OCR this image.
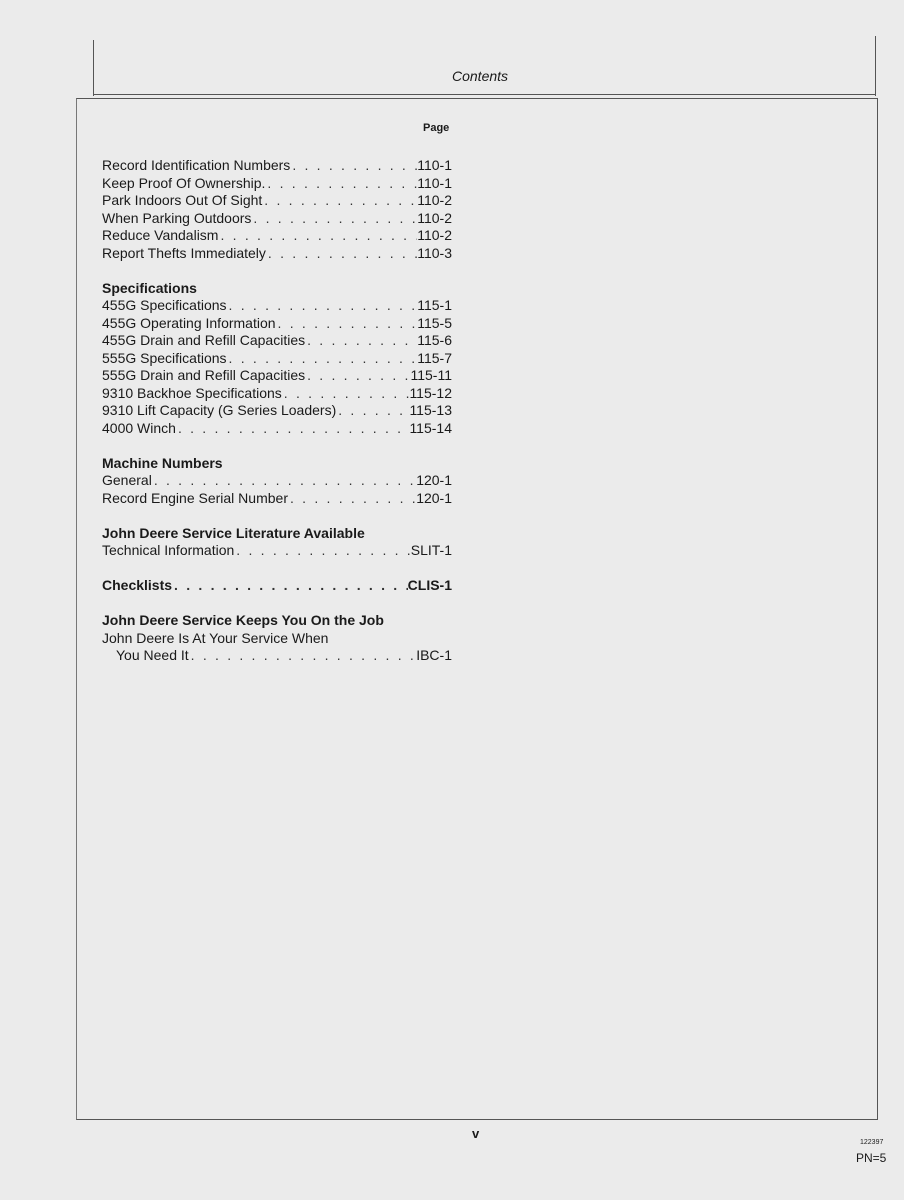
Contents
Page
Record Identification Numbers . . .	110-1
Keep Proof Of Ownership. . . .	110-1
Park Indoors Out Of Sight . . .	110-2
When Parking Outdoors . . .	110-2
Reduce Vandalism . . .	110-2
Report Thefts Immediately . . .	110-3
Specifications
455G Specifications . . .	115-1
455G Operating Information . . .	115-5
455G Drain and Refill Capacities . . .	115-6
555G Specifications . . .	115-7
555G Drain and Refill Capacities . . .	115-11
9310 Backhoe Specifications . . .	115-12
9310 Lift Capacity (G Series Loaders) . . .	115-13
4000 Winch . . .	115-14
Machine Numbers
General . . .	120-1
Record Engine Serial Number . . .	120-1
John Deere Service Literature Available
Technical Information . . .	SLIT-1
Checklists . . .	CLIS-1
John Deere Service Keeps You On the Job
John Deere Is At Your Service When
You Need It . . .	IBC-1
v
122397
PN=5
